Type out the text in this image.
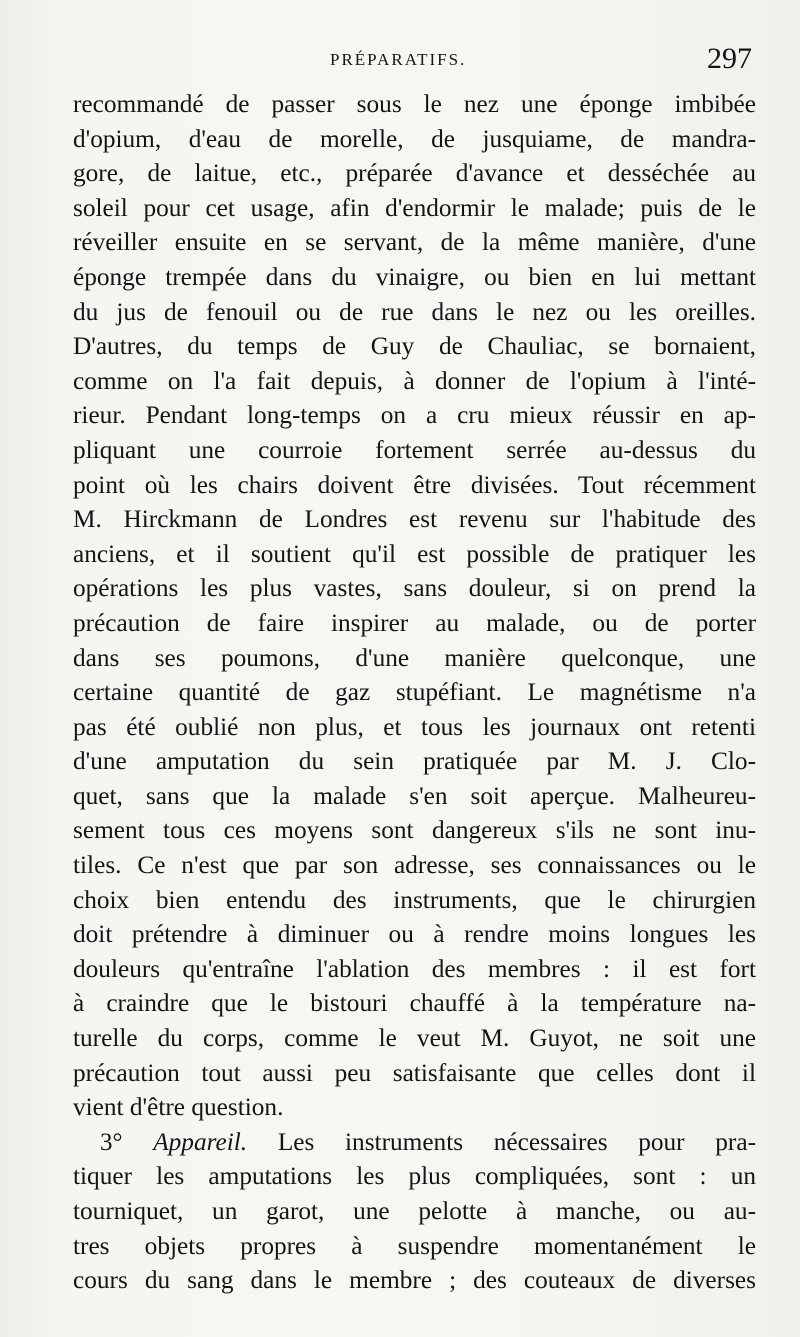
PRÉPARATIFS.	297
recommandé de passer sous le nez une éponge imbibée
d'opium, d'eau de morelle, de jusquiame, de mandra-
gore, de laitue, etc., préparée d'avance et desséchée au
soleil pour cet usage, afin d'endormir le malade; puis de le
réveiller ensuite en se servant, de la même manière, d'une
éponge trempée dans du vinaigre, ou bien en lui mettant
du jus de fenouil ou de rue dans le nez ou les oreilles.
D'autres, du temps de Guy de Chauliac, se bornaient,
comme on l'a fait depuis, à donner de l'opium à l'inté-
rieur. Pendant long-temps on a cru mieux réussir en ap-
pliquant une courroie fortement serrée au-dessus du
point où les chairs doivent être divisées. Tout récemment
M. Hirckmann de Londres est revenu sur l'habitude des
anciens, et il soutient qu'il est possible de pratiquer les
opérations les plus vastes, sans douleur, si on prend la
précaution de faire inspirer au malade, ou de porter
dans ses poumons, d'une manière quelconque, une
certaine quantité de gaz stupéfiant. Le magnétisme n'a
pas été oublié non plus, et tous les journaux ont retenti
d'une amputation du sein pratiquée par M. J. Clo-
quet, sans que la malade s'en soit aperçue. Malheureu-
sement tous ces moyens sont dangereux s'ils ne sont inu-
tiles. Ce n'est que par son adresse, ses connaissances ou le
choix bien entendu des instruments, que le chirurgien
doit prétendre à diminuer ou à rendre moins longues les
douleurs qu'entraîne l'ablation des membres : il est fort
à craindre que le bistouri chauffé à la température na-
turelle du corps, comme le veut M. Guyot, ne soit une
précaution tout aussi peu satisfaisante que celles dont il
vient d'être question.
3° Appareil. Les instruments nécessaires pour pra-
tiquer les amputations les plus compliquées, sont : un
tourniquet, un garot, une pelotte à manche, ou au-
tres objets propres à suspendre momentanément le
cours du sang dans le membre ; des couteaux de diverses
